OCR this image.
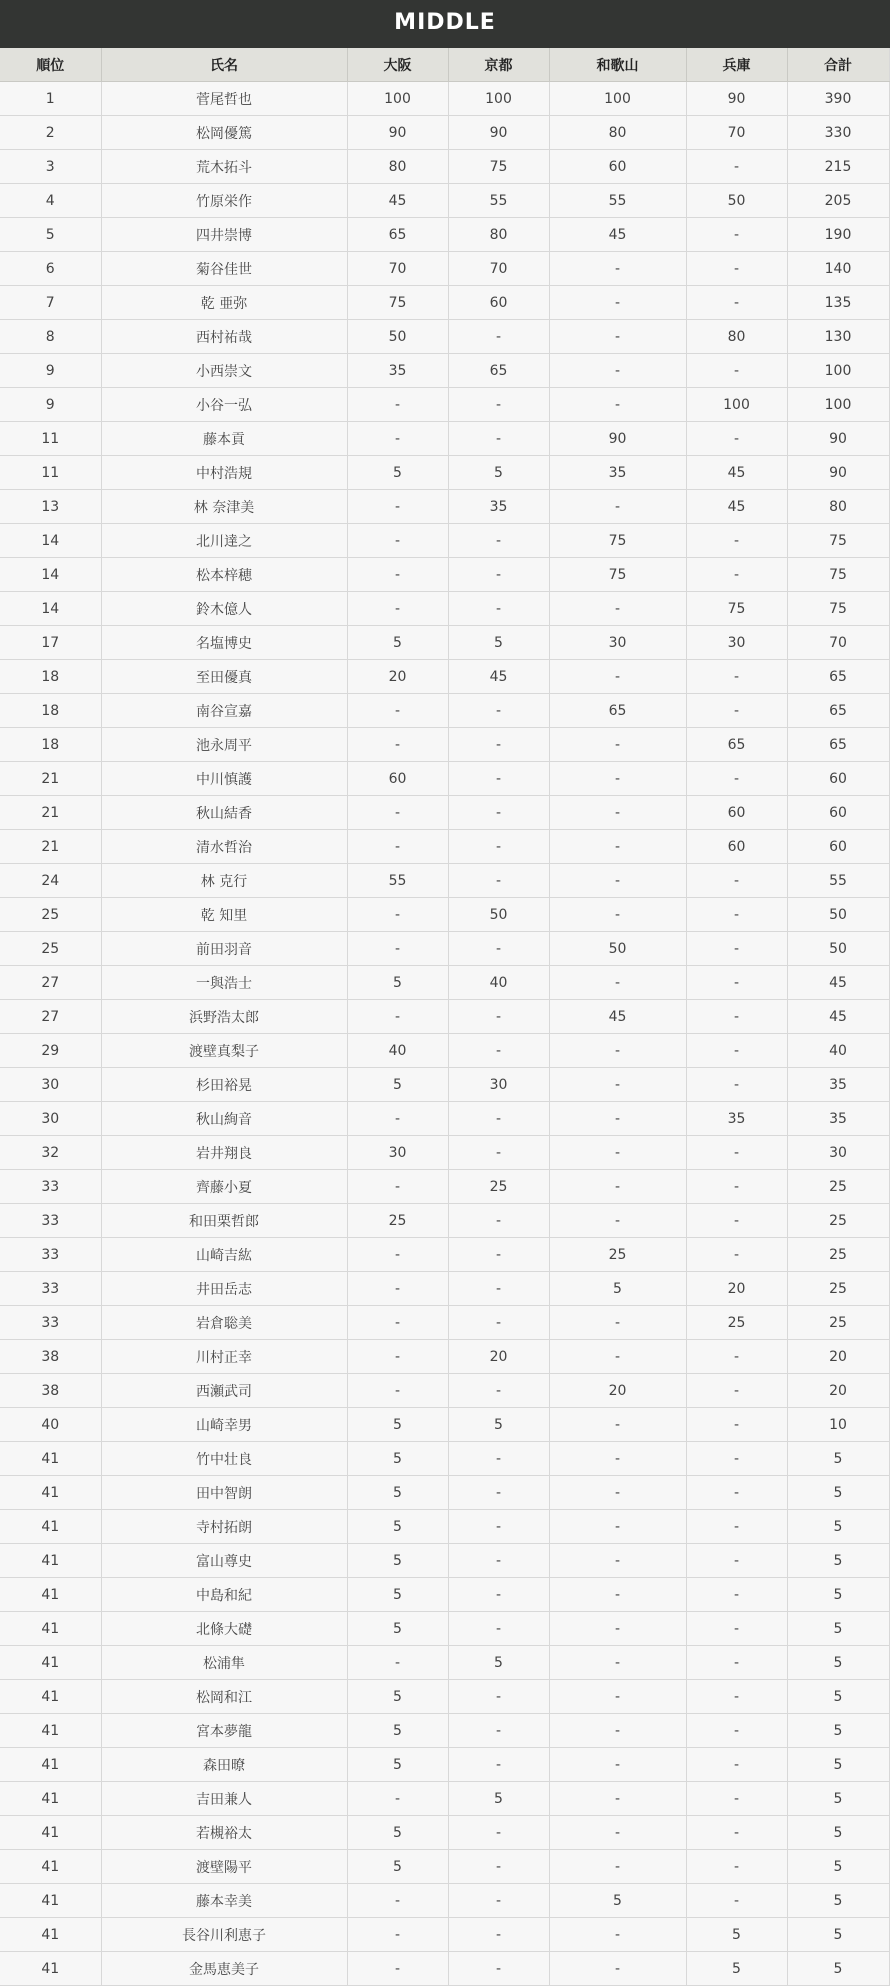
MIDDLE
順位	氏名	大阪	京都	和歌山	兵庫	合計
1	菅尾哲也	100	100	100	90	390
2	松岡優篤	90	90	80	70	330
3	荒木拓斗	80	75	60	-	215
4	竹原栄作	45	55	55	50	205
5	四井崇博	65	80	45	-	190
6	菊谷佳世	70	70	-	-	140
7	乾 亜弥	75	60	-	-	135
8	西村祐哉	50	-	-	80	130
9	小西崇文	35	65	-	-	100
9	小谷一弘	-	-	-	100	100
11	藤本貢	-	-	90	-	90
11	中村浩規	5	5	35	45	90
13	林 奈津美	-	35	-	45	80
14	北川達之	-	-	75	-	75
14	松本梓穂	-	-	75	-	75
14	鈴木億人	-	-	-	75	75
17	名塩博史	5	5	30	30	70
18	至田優真	20	45	-	-	65
18	南谷宣嘉	-	-	65	-	65
18	池永周平	-	-	-	65	65
21	中川慎護	60	-	-	-	60
21	秋山結香	-	-	-	60	60
21	清水哲治	-	-	-	60	60
24	林 克行	55	-	-	-	55
25	乾 知里	-	50	-	-	50
25	前田羽音	-	-	50	-	50
27	一與浩士	5	40	-	-	45
27	浜野浩太郎	-	-	45	-	45
29	渡壁真梨子	40	-	-	-	40
30	杉田裕晃	5	30	-	-	35
30	秋山絢音	-	-	-	35	35
32	岩井翔良	30	-	-	-	30
33	齊藤小夏	-	25	-	-	25
33	和田栗哲郎	25	-	-	-	25
33	山崎吉紘	-	-	25	-	25
33	井田岳志	-	-	5	20	25
33	岩倉聡美	-	-	-	25	25
38	川村正幸	-	20	-	-	20
38	西瀬武司	-	-	20	-	20
40	山崎幸男	5	5	-	-	10
41	竹中壮良	5	-	-	-	5
41	田中智朗	5	-	-	-	5
41	寺村拓朗	5	-	-	-	5
41	富山尊史	5	-	-	-	5
41	中島和紀	5	-	-	-	5
41	北條大礎	5	-	-	-	5
41	松浦隼	-	5	-	-	5
41	松岡和江	5	-	-	-	5
41	宮本夢龍	5	-	-	-	5
41	森田暸	5	-	-	-	5
41	吉田兼人	-	5	-	-	5
41	若槻裕太	5	-	-	-	5
41	渡壁陽平	5	-	-	-	5
41	藤本幸美	-	-	5	-	5
41	長谷川利恵子	-	-	-	5	5
41	金馬恵美子	-	-	-	5	5
